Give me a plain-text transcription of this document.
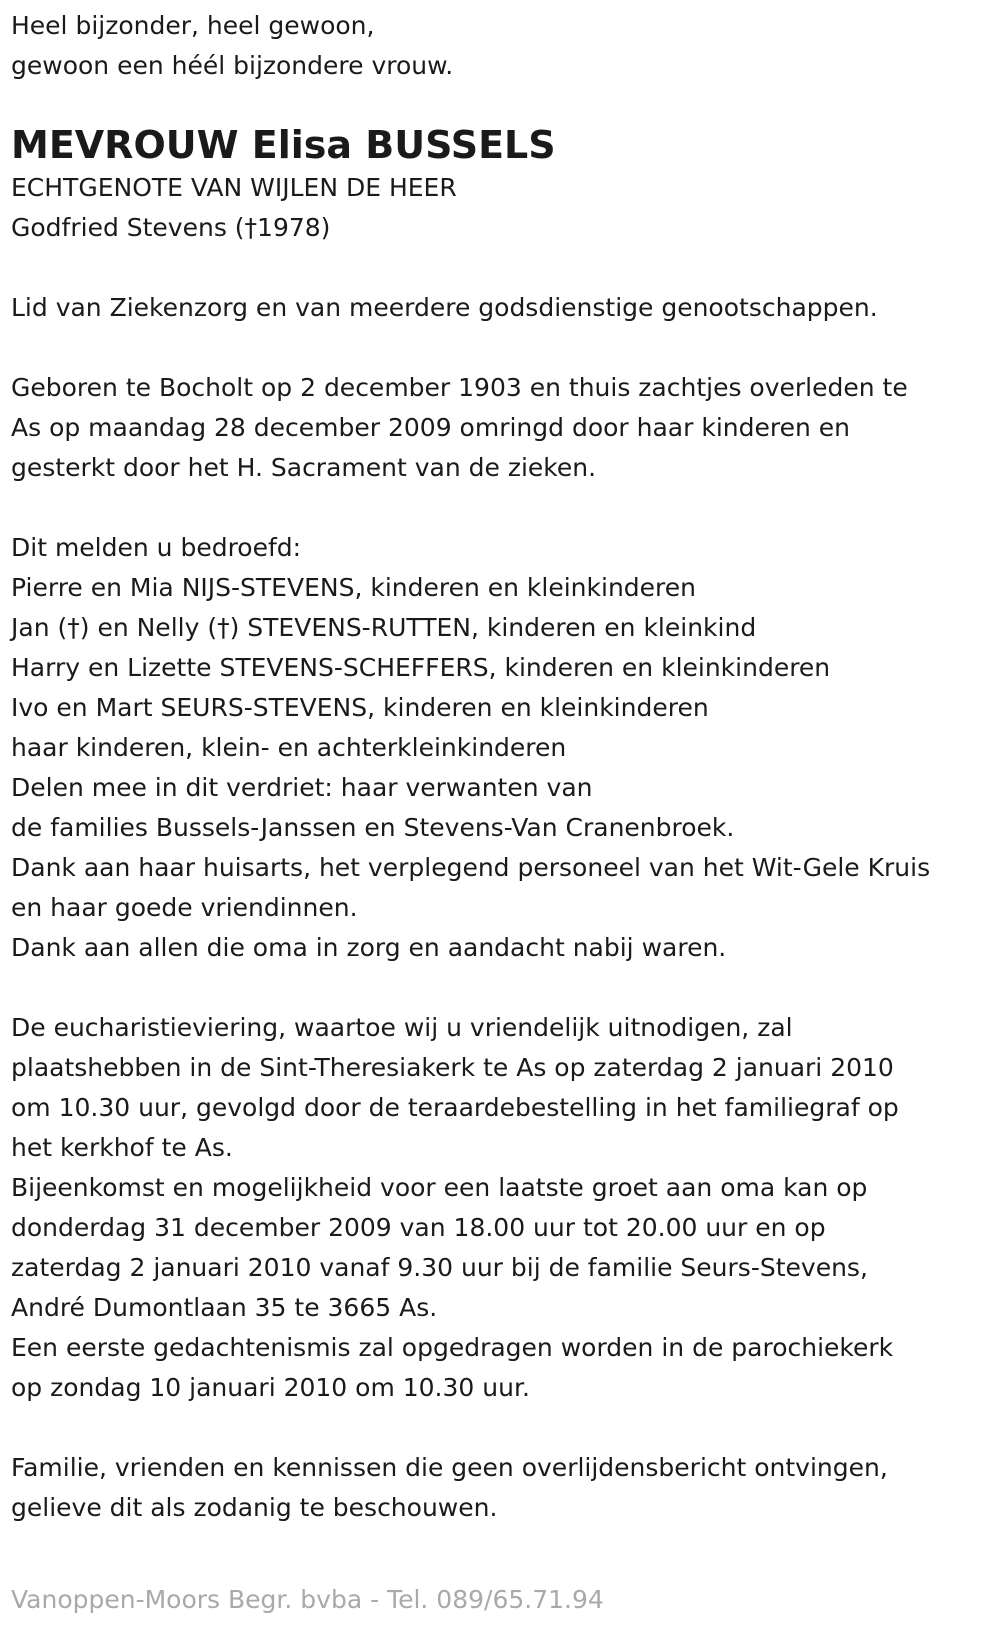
Heel bijzonder, heel gewoon,
gewoon een héél bijzondere vrouw.
MEVROUW Elisa BUSSELS
ECHTGENOTE VAN WIJLEN DE HEER
Godfried Stevens (†1978)
Lid van Ziekenzorg en van meerdere godsdienstige genootschappen.
Geboren te Bocholt op 2 december 1903 en thuis zachtjes overleden te
As op maandag 28 december 2009 omringd door haar kinderen en
gesterkt door het H. Sacrament van de zieken.
Dit melden u bedroefd:
Pierre en Mia NIJS-STEVENS, kinderen en kleinkinderen
Jan (†) en Nelly (†) STEVENS-RUTTEN, kinderen en kleinkind
Harry en Lizette STEVENS-SCHEFFERS, kinderen en kleinkinderen
Ivo en Mart SEURS-STEVENS, kinderen en kleinkinderen
haar kinderen, klein- en achterkleinkinderen
Delen mee in dit verdriet: haar verwanten van
de families Bussels-Janssen en Stevens-Van Cranenbroek.
Dank aan haar huisarts, het verplegend personeel van het Wit-Gele Kruis
en haar goede vriendinnen.
Dank aan allen die oma in zorg en aandacht nabij waren.
De eucharistieviering, waartoe wij u vriendelijk uitnodigen, zal
plaatshebben in de Sint-Theresiakerk te As op zaterdag 2 januari 2010
om 10.30 uur, gevolgd door de teraardebestelling in het familiegraf op
het kerkhof te As.
Bijeenkomst en mogelijkheid voor een laatste groet aan oma kan op
donderdag 31 december 2009 van 18.00 uur tot 20.00 uur en op
zaterdag 2 januari 2010 vanaf 9.30 uur bij de familie Seurs-Stevens,
André Dumontlaan 35 te 3665 As.
Een eerste gedachtenismis zal opgedragen worden in de parochiekerk
op zondag 10 januari 2010 om 10.30 uur.
Familie, vrienden en kennissen die geen overlijdensbericht ontvingen,
gelieve dit als zodanig te beschouwen.
Vanoppen-Moors Begr. bvba - Tel. 089/65.71.94
